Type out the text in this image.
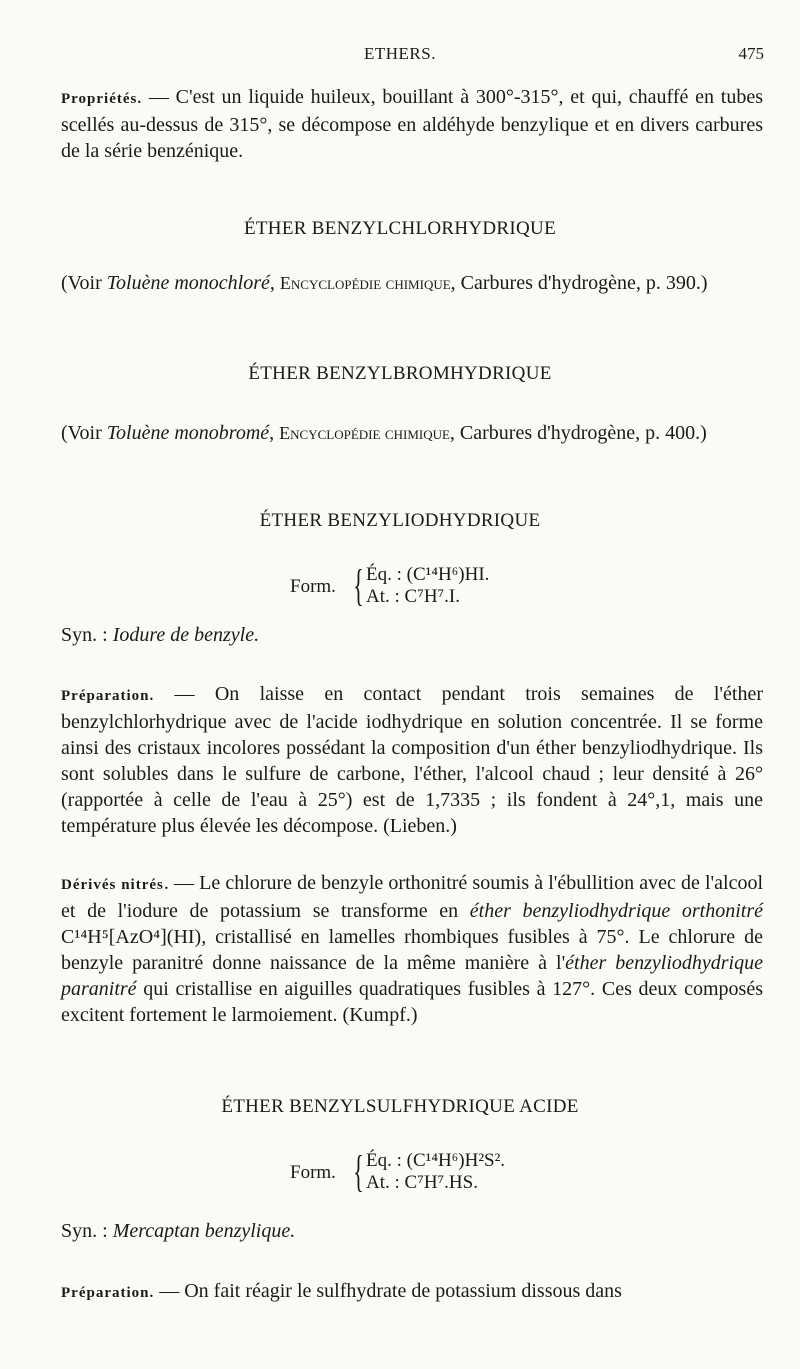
ETHERS.	475
Propriétés. — C'est un liquide huileux, bouillant à 300°-315°, et qui, chauffé en tubes scellés au-dessus de 315°, se décompose en aldéhyde benzylique et en divers carbures de la série benzénique.
ÉTHER BENZYLCHLORHYDRIQUE
(Voir Toluène monochloré, Encyclopédie chimique, Carbures d'hydrogène, p. 390.)
ÉTHER BENZYLBROMHYDRIQUE
(Voir Toluène monobromé, Encyclopédie chimique, Carbures d'hydrogène, p. 400.)
ÉTHER BENZYLIODHYDRIQUE
Form. { Éq. : (C¹⁴H⁶)HI.
At. : C⁷H⁷.I.
Syn. : Iodure de benzyle.
Préparation. — On laisse en contact pendant trois semaines de l'éther benzylchlorhydrique avec de l'acide iodhydrique en solution concentrée. Il se forme ainsi des cristaux incolores possédant la composition d'un éther benzyliodhydrique. Ils sont solubles dans le sulfure de carbone, l'éther, l'alcool chaud ; leur densité à 26° (rapportée à celle de l'eau à 25°) est de 1,7335 ; ils fondent à 24°,1, mais une température plus élevée les décompose. (Lieben.)
Dérivés nitrés. — Le chlorure de benzyle orthonitré soumis à l'ébullition avec de l'alcool et de l'iodure de potassium se transforme en éther benzyliodhydrique orthonitré C¹⁴H⁵[AzO⁴](HI), cristallisé en lamelles rhombiques fusibles à 75°. Le chlorure de benzyle paranitré donne naissance de la même manière à l'éther benzyliodhydrique paranitré qui cristallise en aiguilles quadratiques fusibles à 127°. Ces deux composés excitent fortement le larmoiement. (Kumpf.)
ÉTHER BENZYLSULFHYDRIQUE ACIDE
Form. { Éq. : (C¹⁴H⁶)H²S².
At. : C⁷H⁷.HS.
Syn. : Mercaptan benzylique.
Préparation. — On fait réagir le sulfhydrate de potassium dissous dans
